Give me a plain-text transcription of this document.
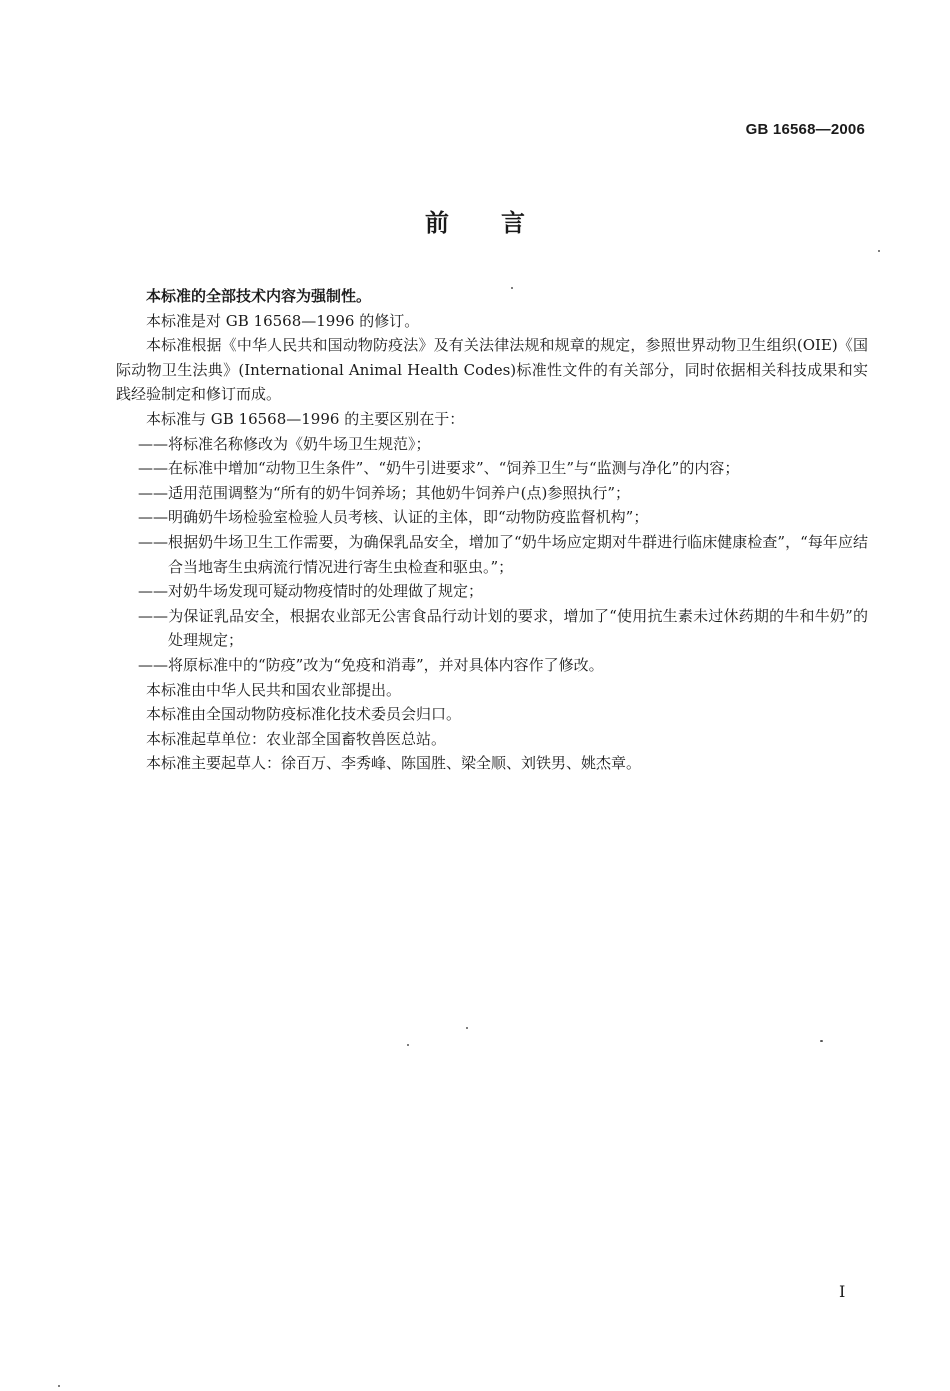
GB 16568—2006
前 言

本标准的全部技术内容为强制性。

本标准是对 GB 16568—1996 的修订。

本标准根据《中华人民共和国动物防疫法》及有关法律法规和规章的规定，参照世界动物卫生组织(OIE)《国际动物卫生法典》(International Animal Health Codes)标准性文件的有关部分，同时依据相关科技成果和实践经验制定和修订而成。

本标准与 GB 16568—1996 的主要区别在于：

——将标准名称修改为《奶牛场卫生规范》；

——在标准中增加“动物卫生条件”、“奶牛引进要求”、“饲养卫生”与“监测与净化”的内容；

——适用范围调整为“所有的奶牛饲养场；其他奶牛饲养户(点)参照执行”；

——明确奶牛场检验室检验人员考核、认证的主体，即“动物防疫监督机构”；

——根据奶牛场卫生工作需要，为确保乳品安全，增加了“奶牛场应定期对牛群进行临床健康检查”，“每年应结合当地寄生虫病流行情况进行寄生虫检查和驱虫。”；

——对奶牛场发现可疑动物疫情时的处理做了规定；

——为保证乳品安全，根据农业部无公害食品行动计划的要求，增加了“使用抗生素未过休药期的牛和牛奶”的处理规定；

——将原标准中的“防疫”改为“免疫和消毒”，并对具体内容作了修改。

本标准由中华人民共和国农业部提出。

本标准由全国动物防疫标准化技术委员会归口。

本标准起草单位：农业部全国畜牧兽医总站。

本标准主要起草人：徐百万、李秀峰、陈国胜、梁全顺、刘铁男、姚杰章。

I
